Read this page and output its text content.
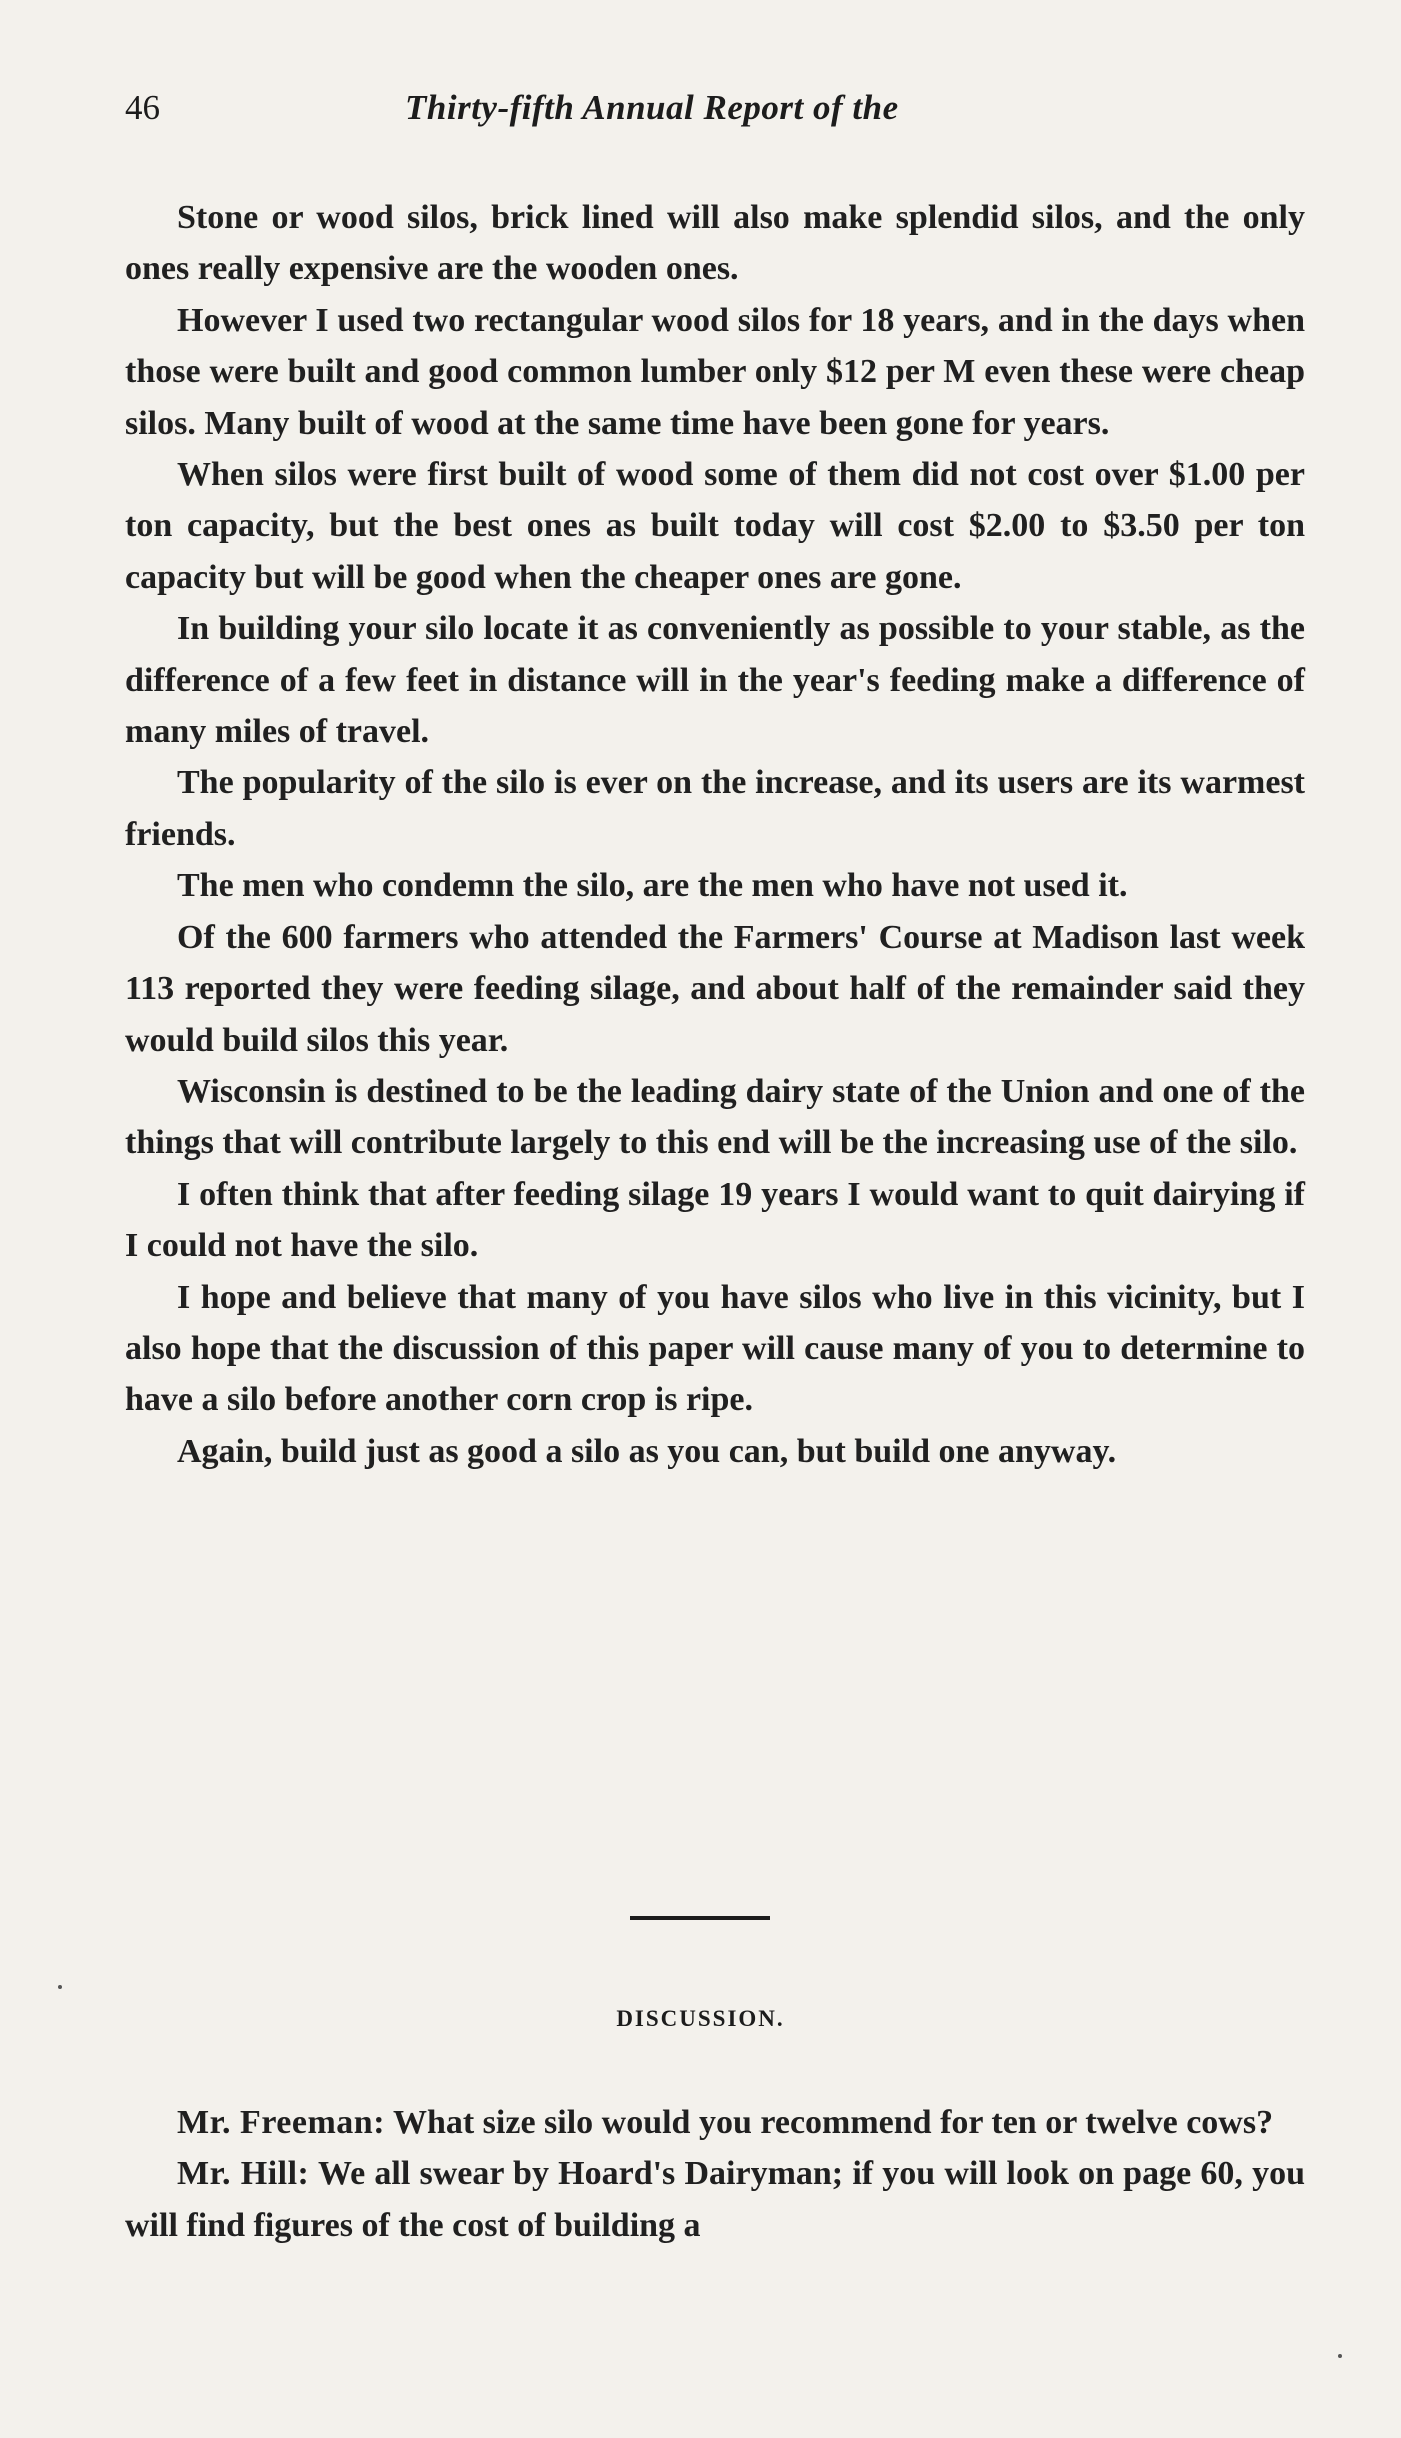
46	Thirty-fifth Annual Report of the

Stone or wood silos, brick lined will also make splendid silos, and the only ones really expensive are the wooden ones.

However I used two rectangular wood silos for 18 years, and in the days when those were built and good common lumber only $12 per M even these were cheap silos. Many built of wood at the same time have been gone for years.

When silos were first built of wood some of them did not cost over $1.00 per ton capacity, but the best ones as built today will cost $2.00 to $3.50 per ton capacity but will be good when the cheaper ones are gone.

In building your silo locate it as conveniently as possible to your stable, as the difference of a few feet in distance will in the year's feeding make a difference of many miles of travel.

The popularity of the silo is ever on the increase, and its users are its warmest friends.

The men who condemn the silo, are the men who have not used it.

Of the 600 farmers who attended the Farmers' Course at Madison last week 113 reported they were feeding silage, and about half of the remainder said they would build silos this year.

Wisconsin is destined to be the leading dairy state of the Union and one of the things that will contribute largely to this end will be the increasing use of the silo.

I often think that after feeding silage 19 years I would want to quit dairying if I could not have the silo.

I hope and believe that many of you have silos who live in this vicinity, but I also hope that the discussion of this paper will cause many of you to determine to have a silo before another corn crop is ripe.

Again, build just as good a silo as you can, but build one anyway.

DISCUSSION.

Mr. Freeman: What size silo would you recommend for ten or twelve cows?

Mr. Hill: We all swear by Hoard's Dairyman; if you will look on page 60, you will find figures of the cost of building a
